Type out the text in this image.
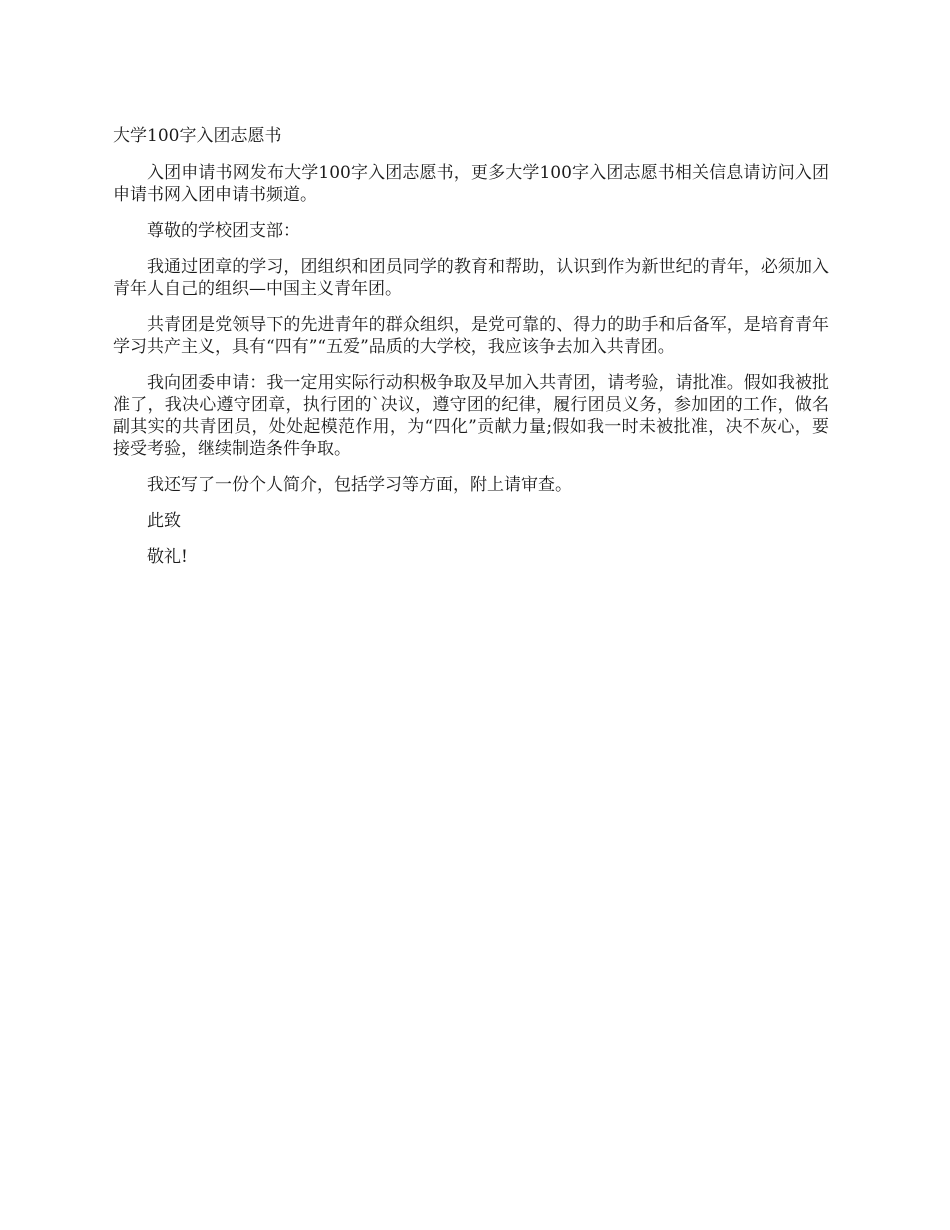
大学100字入团志愿书

入团申请书网发布大学100字入团志愿书，更多大学100字入团志愿书相关信息请访问入团申请书网入团申请书频道。

尊敬的学校团支部：

我通过团章的学习，团组织和团员同学的教育和帮助，认识到作为新世纪的青年，必须加入青年人自己的组织—中国主义青年团。

共青团是党领导下的先进青年的群众组织，是党可靠的、得力的助手和后备军，是培育青年学习共产主义，具有“四有”“五爱”品质的大学校，我应该争去加入共青团。

我向团委申请：我一定用实际行动积极争取及早加入共青团，请考验，请批准。假如我被批准了，我决心遵守团章，执行团的`决议，遵守团的纪律，履行团员义务，参加团的工作，做名副其实的共青团员，处处起模范作用，为“四化”贡献力量;假如我一时未被批准，决不灰心，要接受考验，继续制造条件争取。

我还写了一份个人简介，包括学习等方面，附上请审查。

此致

敬礼!
